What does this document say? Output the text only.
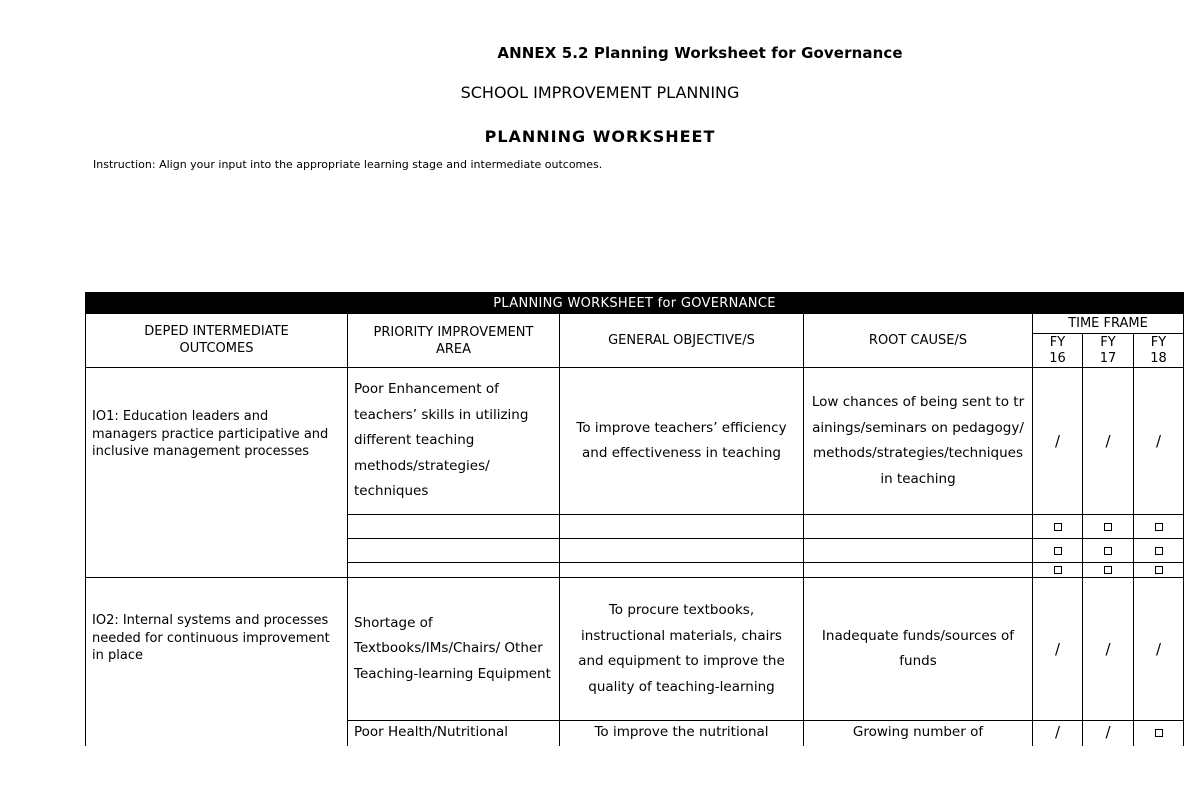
ANNEX 5.2 Planning Worksheet for Governance
SCHOOL IMPROVEMENT PLANNING
PLANNING WORKSHEET
Instruction: Align your input into the appropriate learning stage and intermediate outcomes.
PLANNING WORKSHEET for GOVERNANCE						

DEPED INTERMEDIATE OUTCOMES	PRIORITY IMPROVEMENT AREA	GENERAL OBJECTIVE/S	ROOT CAUSE/S	TIME FRAME		

				FY 16	FY 17	FY 18

IO1: Education leaders and managers practice participative and inclusive management processes	Poor Enhancement of teachers’ skills in utilizing different teaching methods/strategies/ techniques	To improve teachers’ efficiency and effectiveness in teaching	Low chances of being sent to trainings/seminars on pedagogy/methods/strategies/techniques in teaching	/	/	/

IO2: Internal systems and processes needed for continuous improvement in place	Shortage of Textbooks/IMs/Chairs/ Other Teaching-learning Equipment	To procure textbooks, instructional materials, chairs and equipment to improve the quality of teaching-learning	Inadequate funds/sources of funds	/	/	/
	Poor Health/Nutritional	To improve the nutritional	Growing number of	/	/	
